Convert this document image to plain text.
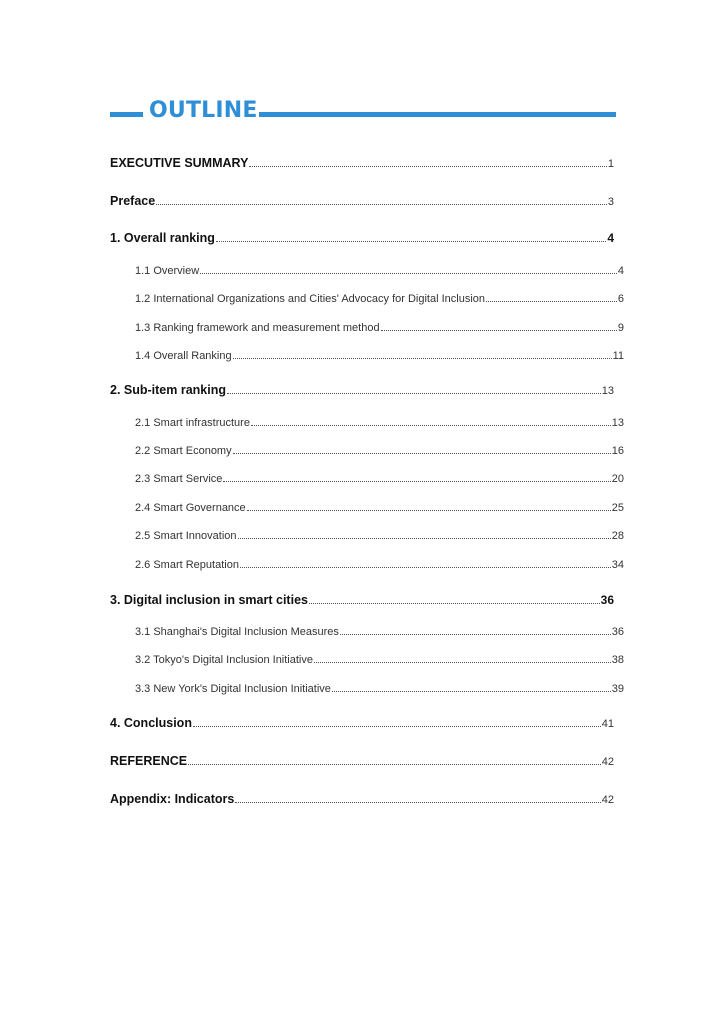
OUTLINE
EXECUTIVE SUMMARY	1
Preface	3
1. Overall ranking	4
1.1 Overview	4
1.2 International Organizations and Cities' Advocacy for Digital Inclusion	6
1.3 Ranking framework and measurement method	9
1.4 Overall Ranking	11
2. Sub-item ranking	13
2.1 Smart infrastructure	13
2.2 Smart Economy	16
2.3 Smart Service	20
2.4 Smart Governance	25
2.5 Smart Innovation	28
2.6 Smart Reputation	34
3. Digital inclusion in smart cities	36
3.1 Shanghai's Digital Inclusion Measures	36
3.2 Tokyo's Digital Inclusion Initiative	38
3.3 New York's Digital Inclusion Initiative	39
4. Conclusion	41
REFERENCE	42
Appendix: Indicators	42
